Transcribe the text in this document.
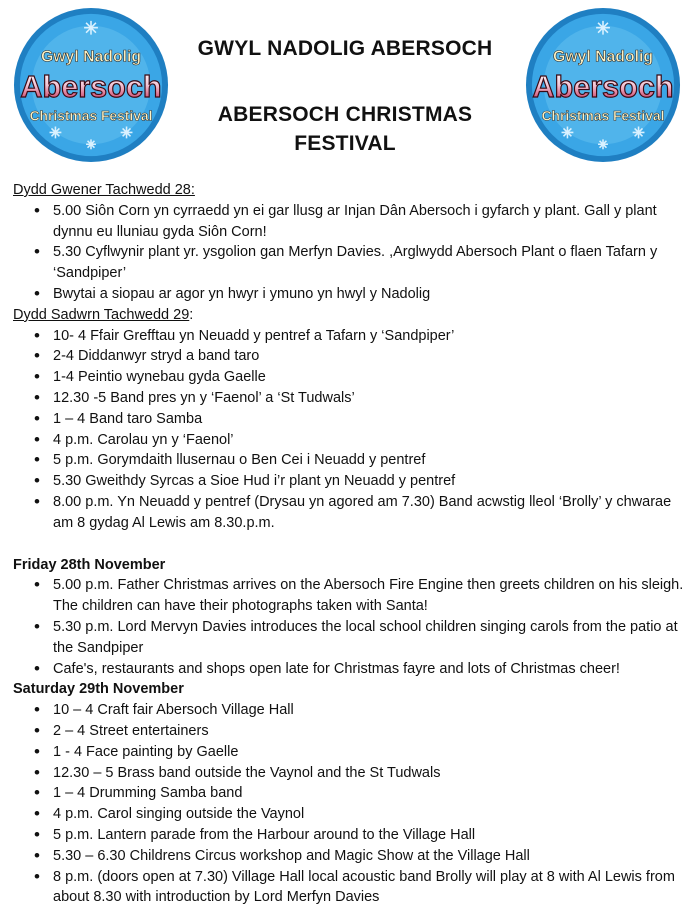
Gwyl Nadolig
Abersoch
Christmas Festival
Gwyl Nadolig
Abersoch
Christmas Festival
GWYL NADOLIG ABERSOCH
ABERSOCH CHRISTMAS
FESTIVAL
Dydd Gwener Tachwedd 28:
• 5.00 Siôn Corn yn cyrraedd yn ei gar llusg ar Injan Dân Abersoch i gyfarch y plant. Gall y plant dynnu eu lluniau gyda Siôn Corn!
• 5.30 Cyflwynir plant yr. ysgolion gan Merfyn Davies. ,Arglwydd Abersoch Plant o flaen Tafarn y ‘Sandpiper’
• Bwytai a siopau ar agor yn hwyr i ymuno yn hwyl y Nadolig
Dydd Sadwrn Tachwedd 29:
• 10- 4 Ffair Grefftau yn Neuadd y pentref a Tafarn y ‘Sandpiper’
• 2-4 Diddanwyr stryd a band taro
• 1-4 Peintio wynebau gyda Gaelle
• 12.30 -5 Band pres yn y ‘Faenol’ a ‘St Tudwals’
• 1 – 4 Band taro Samba
• 4 p.m. Carolau yn y ‘Faenol’
• 5 p.m. Gorymdaith llusernau o Ben Cei i Neuadd y pentref
• 5.30 Gweithdy Syrcas a Sioe Hud i’r plant yn Neuadd y pentref
• 8.00 p.m. Yn Neuadd y pentref (Drysau yn agored am 7.30) Band acwstig lleol ‘Brolly’ y chwarae am 8 gydag Al Lewis am 8.30.p.m.
Friday 28th November
• 5.00 p.m. Father Christmas arrives on the Abersoch Fire Engine then greets children on his sleigh. The children can have their photographs taken with Santa!
• 5.30 p.m. Lord Mervyn Davies introduces the local school children singing carols from the patio at the Sandpiper
• Cafe's, restaurants and shops open late for Christmas fayre and lots of Christmas cheer!
Saturday 29th November
• 10 – 4 Craft fair Abersoch Village Hall
• 2 – 4 Street entertainers
• 1 - 4 Face painting by Gaelle
• 12.30 – 5 Brass band outside the Vaynol and the St Tudwals
• 1 – 4 Drumming Samba band
• 4 p.m. Carol singing outside the Vaynol
• 5 p.m. Lantern parade from the Harbour around to the Village Hall
• 5.30 – 6.30 Childrens Circus workshop and Magic Show at the Village Hall
• 8 p.m. (doors open at 7.30) Village Hall local acoustic band Brolly will play at 8 with Al Lewis from about 8.30 with introduction by Lord Merfyn Davies
